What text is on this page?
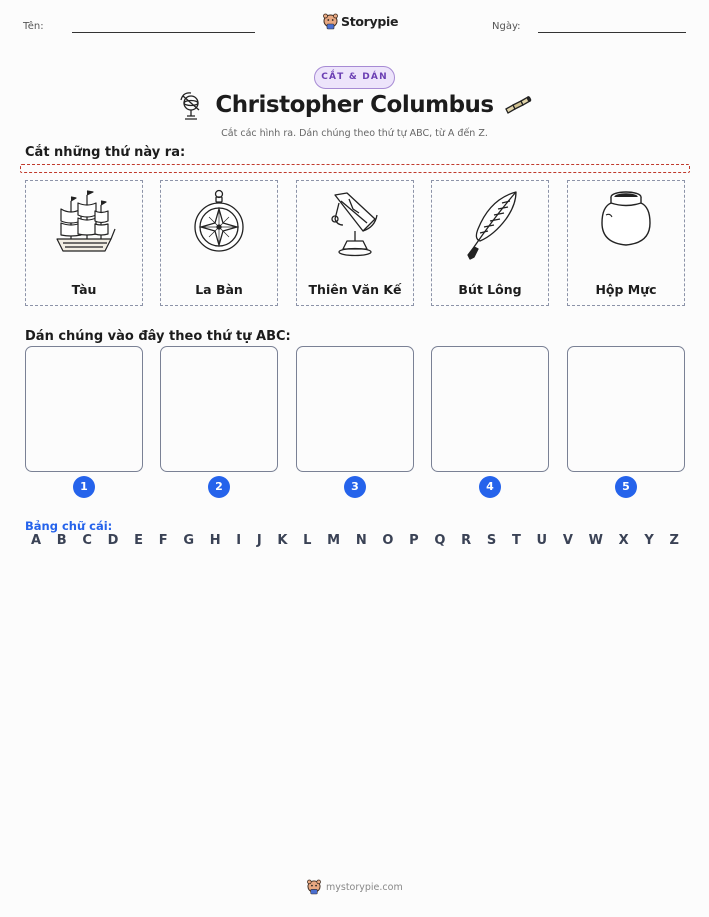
Tên:	Ngày:
Storypie
CẮT & DÁN
Christopher Columbus
Cắt các hình ra. Dán chúng theo thứ tự ABC, từ A đến Z.
Cắt những thứ này ra:
Tàu	La Bàn	Thiên Văn Kế	Bút Lông	Hộp Mực
Dán chúng vào đây theo thứ tự ABC:
1	2	3	4	5
Bảng chữ cái:
A B C D E F G H I J K L M N O P Q R S T U V W X Y Z
mystorypie.com
